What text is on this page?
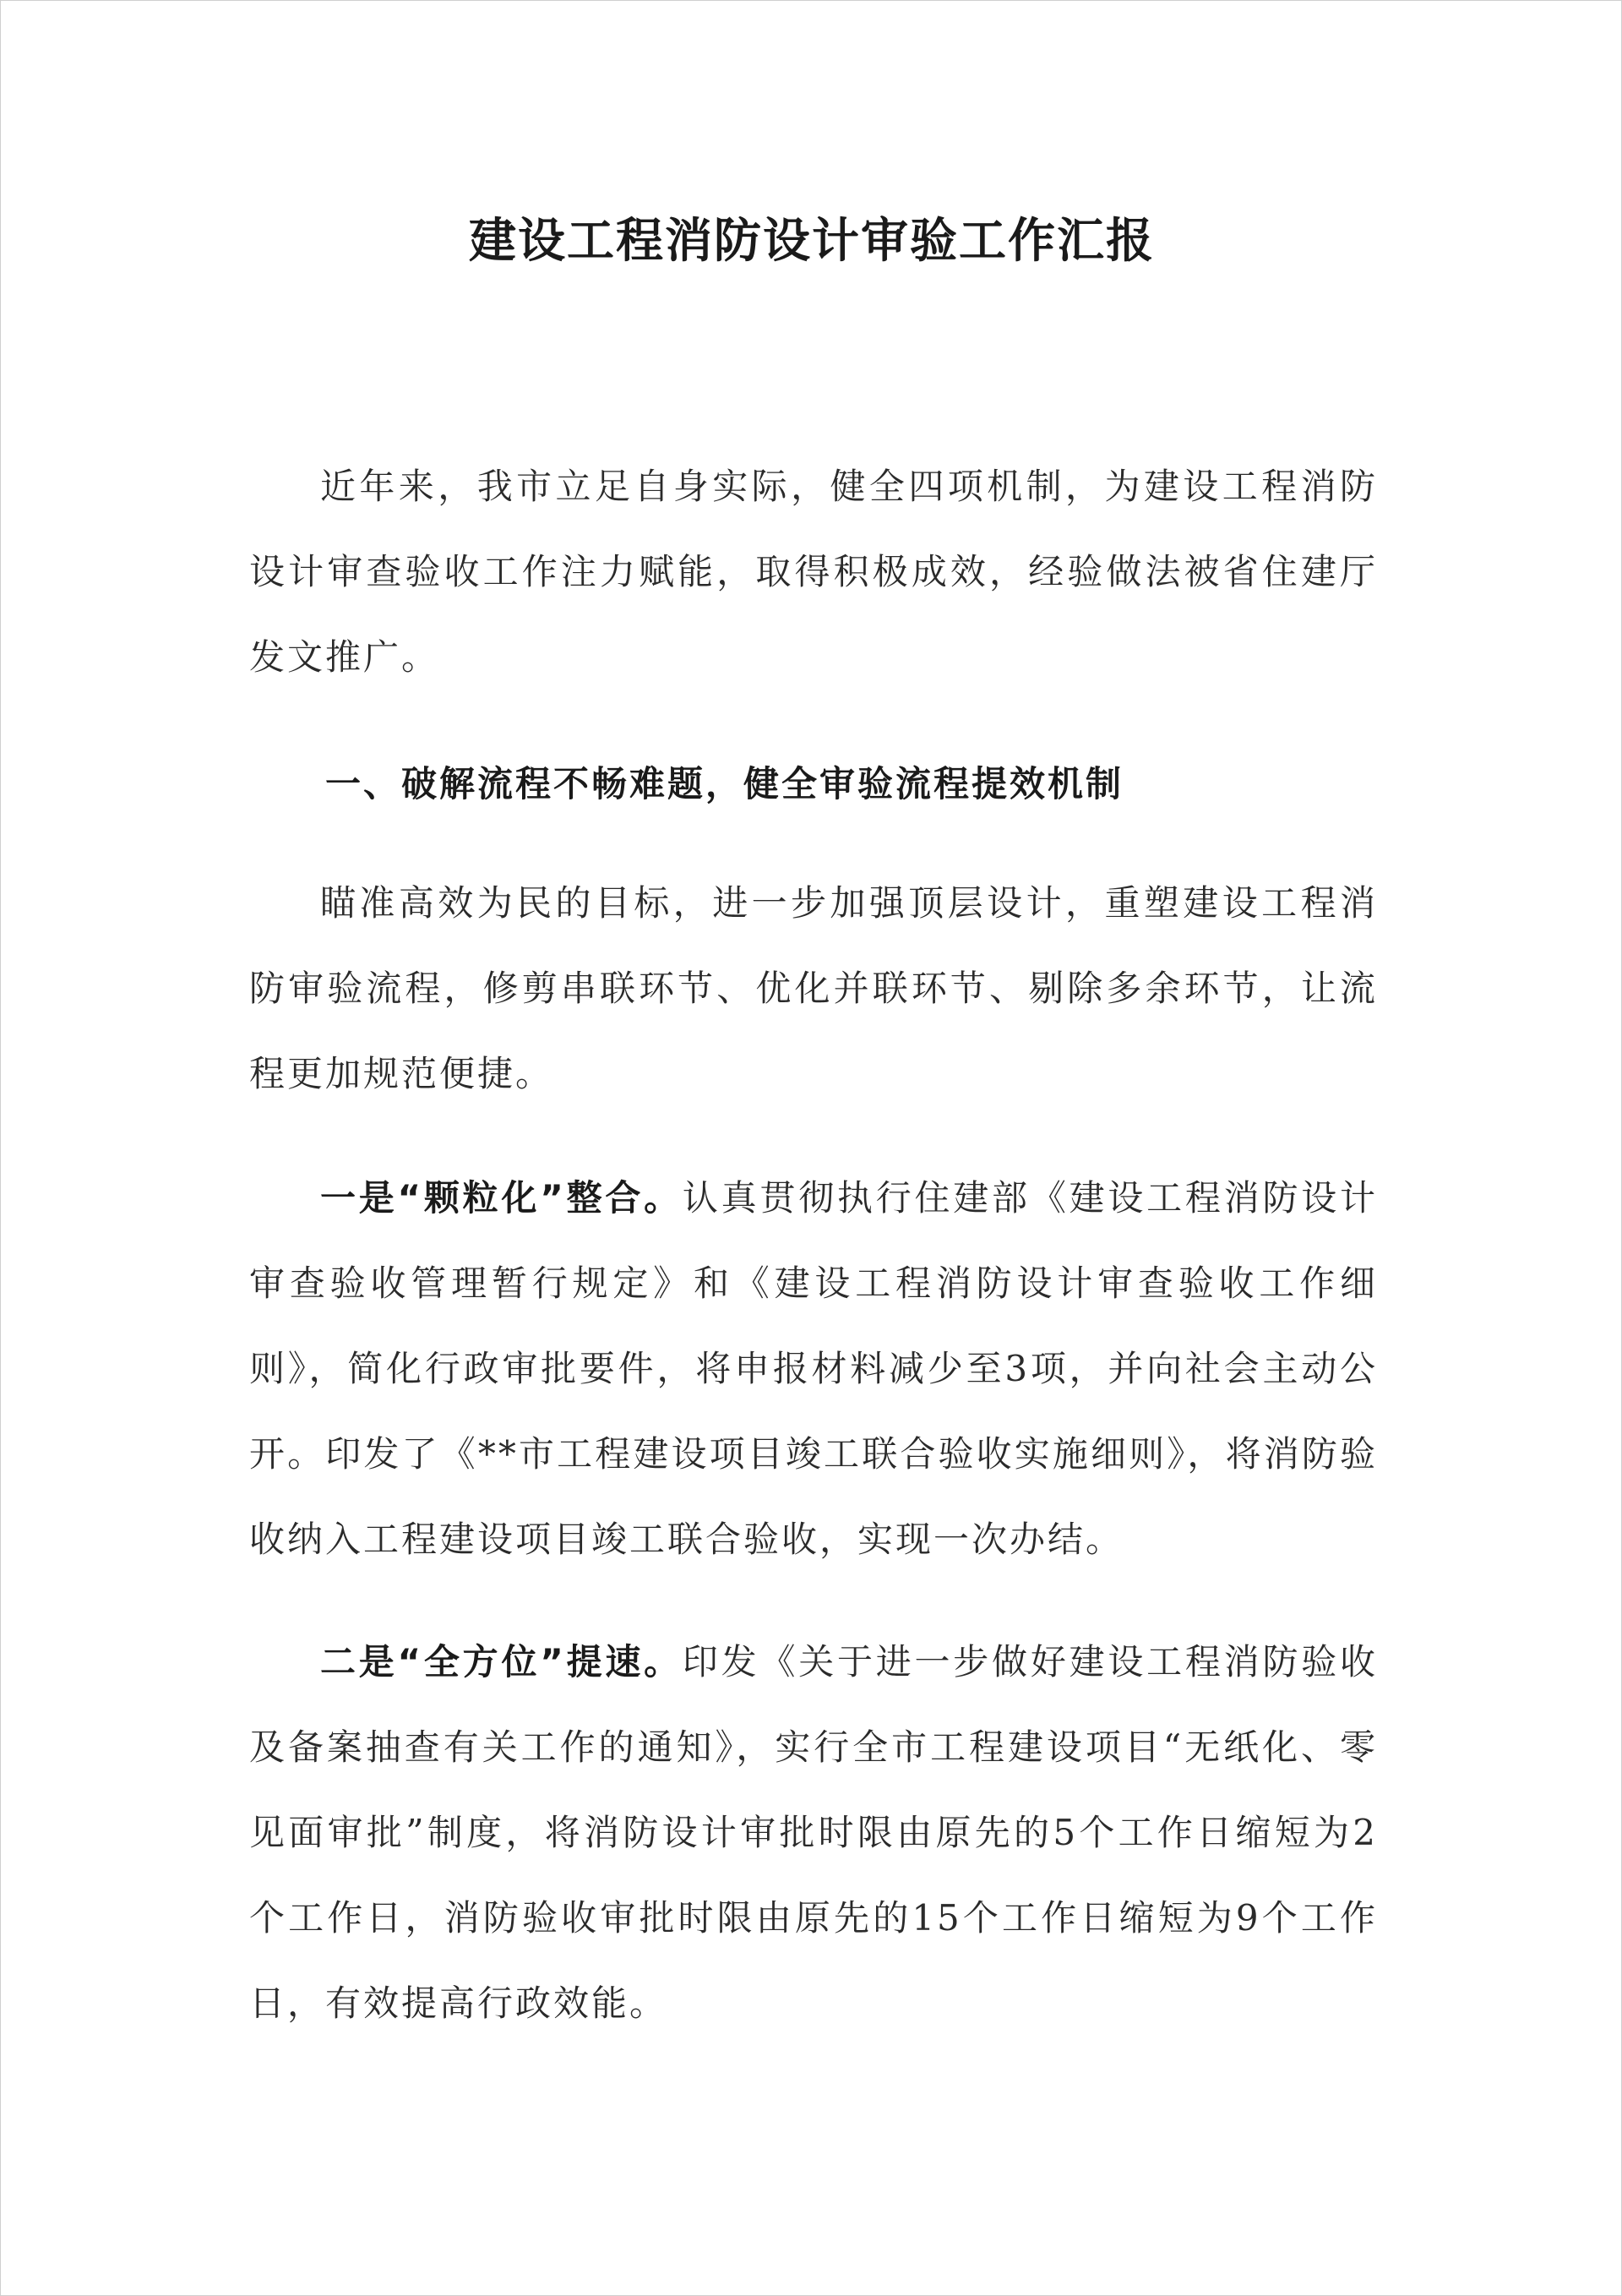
建设工程消防设计审验工作汇报

近年来，我市立足自身实际，健全四项机制，为建设工程消防设计审查验收工作注力赋能，取得积极成效，经验做法被省住建厅发文推广。

一、破解流程不畅难题，健全审验流程提效机制

瞄准高效为民的目标，进一步加强顶层设计，重塑建设工程消防审验流程，修剪串联环节、优化并联环节、剔除多余环节，让流程更加规范便捷。

一是“颗粒化”整合。认真贯彻执行住建部《建设工程消防设计审查验收管理暂行规定》和《建设工程消防设计审查验收工作细则》，简化行政审批要件，将申报材料减少至3项，并向社会主动公开。印发了《**市工程建设项目竣工联合验收实施细则》，将消防验收纳入工程建设项目竣工联合验收，实现一次办结。

二是“全方位”提速。印发《关于进一步做好建设工程消防验收及备案抽查有关工作的通知》，实行全市工程建设项目“无纸化、零见面审批”制度，将消防设计审批时限由原先的5个工作日缩短为2个工作日，消防验收审批时限由原先的15个工作日缩短为9个工作日，有效提高行政效能。
